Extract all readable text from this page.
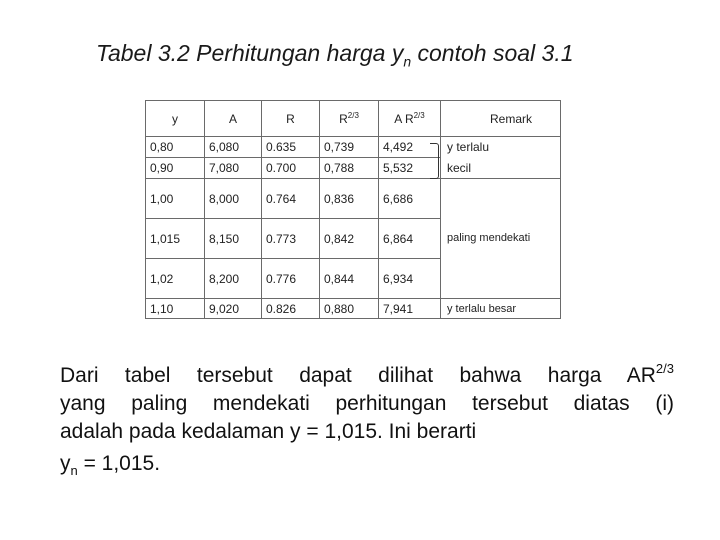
Tabel 3.2 Perhitungan harga $y_n$ contoh soal 3.1
y	A	R	$R^{2/3}$	A $R^{2/3}$	Remark
0,80	6,080	0.635	0,739	4,492	y terlalu
0,90	7,080	0.700	0,788	5,532	kecil
1,00	8,000	0.764	0,836	6,686	
1,015	8,150	0.773	0,842	6,864	paling mendekati
1,02	8,200	0.776	0,844	6,934	
1,10	9,020	0.826	0,880	7,941	y terlalu besar
Dari tabel tersebut dapat dilihat bahwa harga $AR^{2/3}$
yang paling mendekati perhitungan tersebut diatas (i)
adalah pada kedalaman y = 1,015. Ini berarti
$y_n = 1,015$.
